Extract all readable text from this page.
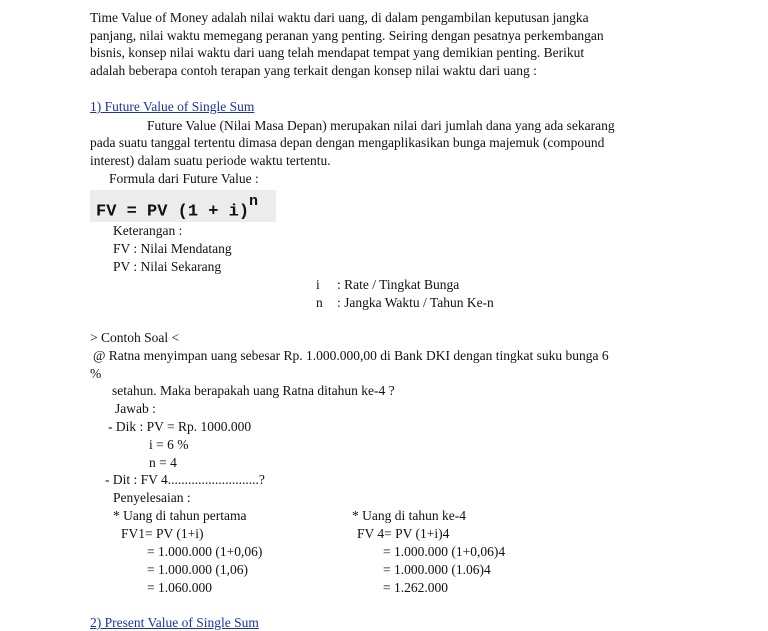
Time Value of Money adalah nilai waktu dari uang, di dalam pengambilan keputusan jangka
panjang, nilai waktu memegang peranan yang penting. Seiring dengan pesatnya perkembangan
bisnis, konsep nilai waktu dari uang telah mendapat tempat yang demikian penting. Berikut
adalah beberapa contoh terapan yang terkait dengan konsep nilai waktu dari uang :
1) Future Value of Single Sum
Future Value (Nilai Masa Depan) merupakan nilai dari jumlah dana yang ada sekarang
pada suatu tanggal tertentu dimasa depan dengan mengaplikasikan bunga majemuk (compound
interest) dalam suatu periode waktu tertentu.
Formula dari Future Value :
FV = PV $(1 + i)^n$
Keterangan :
FV : Nilai Mendatang
PV : Nilai Sekarang
i : Rate / Tingkat Bunga
n : Jangka Waktu / Tahun Ke-n
> Contoh Soal <
@ Ratna menyimpan uang sebesar Rp. 1.000.000,00 di Bank DKI dengan tingkat suku bunga 6
%
setahun. Maka berapakah uang Ratna ditahun ke-4 ?
Jawab :
- Dik : PV = Rp. 1000.000
i = 6 %
n = 4
- Dit : FV 4...........................?
Penyelesaian :
* Uang di tahun pertama
FV1= PV (1+i)
= 1.000.000 (1+0,06)
= 1.000.000 (1,06)
= 1.060.000
* Uang di tahun ke-4
FV 4= PV (1+i)4
= 1.000.000 (1+0,06)4
= 1.000.000 (1.06)4
= 1.262.000
2) Present Value of Single Sum
